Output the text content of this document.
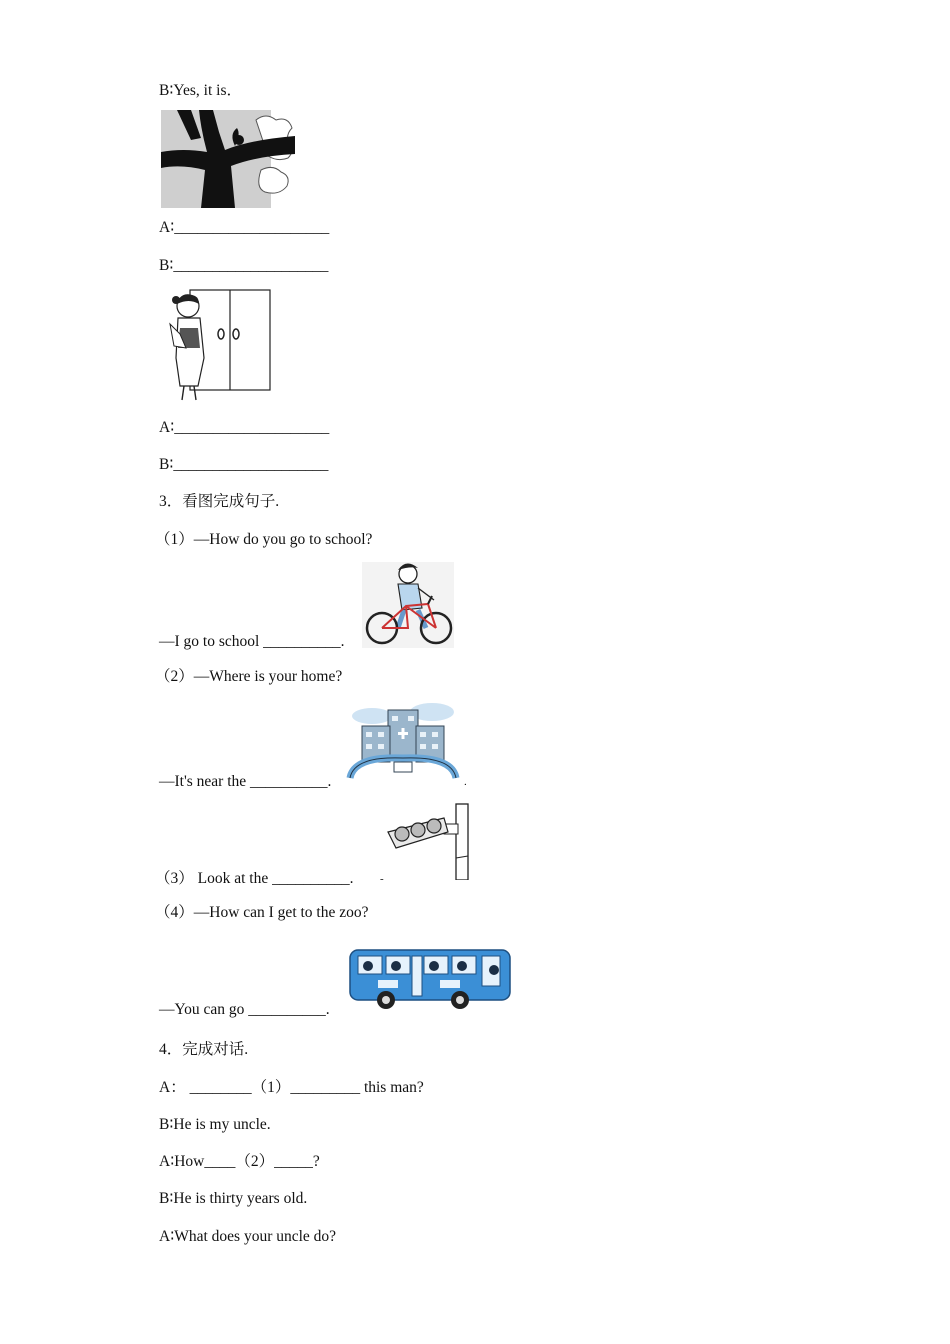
B∶Yes, it is．
A∶____________________
B∶____________________
A∶____________________
B∶____________________
3．看图完成句子.
（1）—How do you go to school?
—I go to school __________.
（2）—Where is your home?
—It's near the __________.	.
（3） Look at the __________. -
（4）—How can I get to the zoo?
—You can go __________.
4．完成对话.
A： ________（1）_________ this man?
B∶He is my uncle.
A∶How____（2）_____?
B∶He is thirty years old.
A∶What does your uncle do?
